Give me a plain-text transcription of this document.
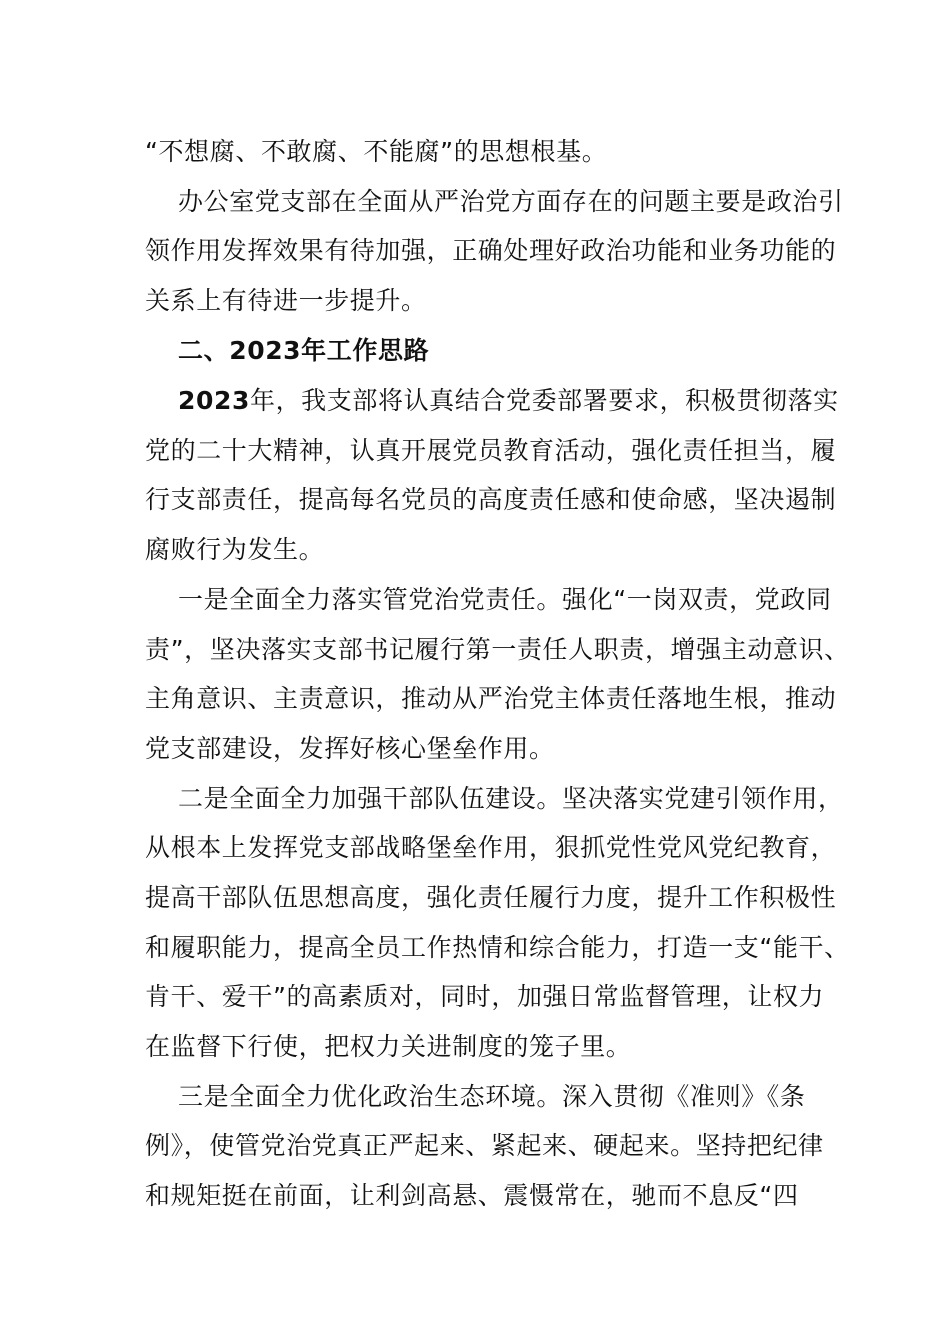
“不想腐、不敢腐、不能腐”的思想根基。
办公室党支部在全面从严治党方面存在的问题主要是政治引
领作用发挥效果有待加强，正确处理好政治功能和业务功能的
关系上有待进一步提升。
二、2023年工作思路
2023年，我支部将认真结合党委部署要求，积极贯彻落实
党的二十大精神，认真开展党员教育活动，强化责任担当，履
行支部责任，提高每名党员的高度责任感和使命感，坚决遏制
腐败行为发生。
一是全面全力落实管党治党责任。强化“一岗双责，党政同
责”，坚决落实支部书记履行第一责任人职责，增强主动意识、
主角意识、主责意识，推动从严治党主体责任落地生根，推动
党支部建设，发挥好核心堡垒作用。
二是全面全力加强干部队伍建设。坚决落实党建引领作用，
从根本上发挥党支部战略堡垒作用，狠抓党性党风党纪教育，
提高干部队伍思想高度，强化责任履行力度，提升工作积极性
和履职能力，提高全员工作热情和综合能力，打造一支“能干、
肯干、爱干”的高素质对，同时，加强日常监督管理，让权力
在监督下行使，把权力关进制度的笼子里。
三是全面全力优化政治生态环境。深入贯彻《准则》《条
例》，使管党治党真正严起来、紧起来、硬起来。坚持把纪律
和规矩挺在前面，让利剑高悬、震慑常在，驰而不息反“四
